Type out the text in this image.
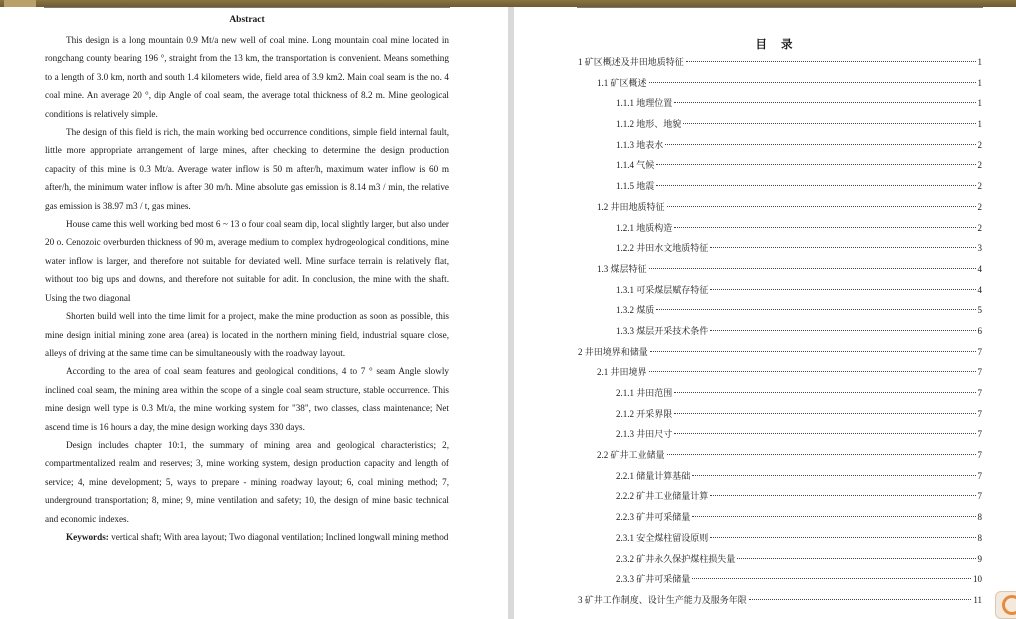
Abstract

This design is a long mountain 0.9 Mt/a new well of coal mine. Long mountain coal mine located in rongchang county bearing 196 °, straight from the 13 km, the transportation is convenient. Means something to a length of 3.0 km, north and south 1.4 kilometers wide, field area of 3.9 km2. Main coal seam is the no. 4 coal mine. An average 20 °, dip Angle of coal seam, the average total thickness of 8.2 m. Mine geological conditions is relatively simple.

The design of this field is rich, the main working bed occurrence conditions, simple field internal fault, little more appropriate arrangement of large mines, after checking to determine the design production capacity of this mine is 0.3 Mt/a. Average water inflow is 50 m after/h, maximum water inflow is 60 m after/h, the minimum water inflow is after 30 m/h. Mine absolute gas emission is 8.14 m3 / min, the relative gas emission is 38.97 m3 / t, gas mines.

House came this well working bed most 6 ~ 13 o four coal seam dip, local slightly larger, but also under 20 o. Cenozoic overburden thickness of 90 m, average medium to complex hydrogeological conditions, mine water inflow is larger, and therefore not suitable for deviated well. Mine surface terrain is relatively flat, without too big ups and downs, and therefore not suitable for adit. In conclusion, the mine with the shaft. Using the two diagonal

Shorten build well into the time limit for a project, make the mine production as soon as possible, this mine design initial mining zone area (area) is located in the northern mining field, industrial square close, alleys of driving at the same time can be simultaneously with the roadway layout.

According to the area of coal seam features and geological conditions, 4 to 7 ° seam Angle slowly inclined coal seam, the mining area within the scope of a single coal seam structure, stable occurrence. This mine design well type is 0.3 Mt/a, the mine working system for "38", two classes, class maintenance; Net ascend time is 16 hours a day, the mine design working days 330 days.

Design includes chapter 10:1, the summary of mining area and geological characteristics; 2, compartmentalized realm and reserves; 3, mine working system, design production capacity and length of service; 4, mine development; 5, ways to prepare - mining roadway layout; 6, coal mining method; 7, underground transportation; 8, mine; 9, mine ventilation and safety; 10, the design of mine basic technical and economic indexes.

Keywords: vertical shaft; With area layout; Two diagonal ventilation; Inclined longwall mining method

目录
1 矿区概述及井田地质特征	1
1.1 矿区概述	1
1.1.1 地理位置	1
1.1.2 地形、地貌	1
1.1.3 地表水	2
1.1.4 气候	2
1.1.5 地震	2
1.2 井田地质特征	2
1.2.1 地质构造	2
1.2.2 井田水文地质特征	3
1.3 煤层特征	4
1.3.1 可采煤层赋存特征	4
1.3.2 煤质	5
1.3.3 煤层开采技术条件	6
2 井田境界和储量	7
2.1 井田境界	7
2.1.1 井田范围	7
2.1.2 开采界限	7
2.1.3 井田尺寸	7
2.2 矿井工业储量	7
2.2.1 储量计算基础	7
2.2.2 矿井工业储量计算	7
2.2.3 矿井可采储量	8
2.3.1 安全煤柱留设原则	8
2.3.2 矿井永久保护煤柱损失量	9
2.3.3 矿井可采储量	10
3 矿井工作制度、设计生产能力及服务年限	11
